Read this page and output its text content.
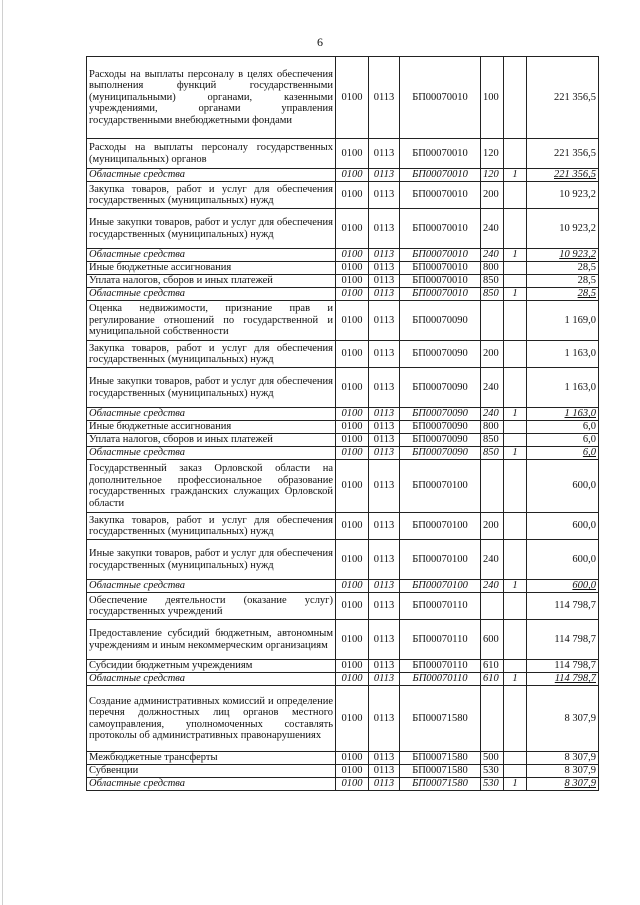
6
Расходы на выплаты персоналу в целях обеспечения выполнения функций государственными (муниципальными) органами, казенными учреждениями, органами управления государственными внебюджетными фондами	0100	0113	БП00070010	100		221 356,5
Расходы на выплаты персоналу государственных (муниципальных) органов	0100	0113	БП00070010	120		221 356,5
Областные средства	0100	0113	БП00070010	120	1	221 356,5
Закупка товаров, работ и услуг для обеспечения государственных (муниципальных) нужд	0100	0113	БП00070010	200		10 923,2
Иные закупки товаров, работ и услуг для обеспечения государственных (муниципальных) нужд	0100	0113	БП00070010	240		10 923,2
Областные средства	0100	0113	БП00070010	240	1	10 923,2
Иные бюджетные ассигнования	0100	0113	БП00070010	800		28,5
Уплата налогов, сборов и иных платежей	0100	0113	БП00070010	850		28,5
Областные средства	0100	0113	БП00070010	850	1	28,5
Оценка недвижимости, признание прав и регулирование отношений по государственной и муниципальной собственности	0100	0113	БП00070090			1 169,0
Закупка товаров, работ и услуг для обеспечения государственных (муниципальных) нужд	0100	0113	БП00070090	200		1 163,0
Иные закупки товаров, работ и услуг для обеспечения государственных (муниципальных) нужд	0100	0113	БП00070090	240		1 163,0
Областные средства	0100	0113	БП00070090	240	1	1 163,0
Иные бюджетные ассигнования	0100	0113	БП00070090	800		6,0
Уплата налогов, сборов и иных платежей	0100	0113	БП00070090	850		6,0
Областные средства	0100	0113	БП00070090	850	1	6,0
Государственный заказ Орловской области на дополнительное профессиональное образование государственных гражданских служащих Орловской области	0100	0113	БП00070100			600,0
Закупка товаров, работ и услуг для обеспечения государственных (муниципальных) нужд	0100	0113	БП00070100	200		600,0
Иные закупки товаров, работ и услуг для обеспечения государственных (муниципальных) нужд	0100	0113	БП00070100	240		600,0
Областные средства	0100	0113	БП00070100	240	1	600,0
Обеспечение деятельности (оказание услуг) государственных учреждений	0100	0113	БП00070110			114 798,7
Предоставление субсидий бюджетным, автономным учреждениям и иным некоммерческим организациям	0100	0113	БП00070110	600		114 798,7
Субсидии бюджетным учреждениям	0100	0113	БП00070110	610		114 798,7
Областные средства	0100	0113	БП00070110	610	1	114 798,7
Создание административных комиссий и определение перечня должностных лиц органов местного самоуправления, уполномоченных составлять протоколы об административных правонарушениях	0100	0113	БП00071580			8 307,9
Межбюджетные трансферты	0100	0113	БП00071580	500		8 307,9
Субвенции	0100	0113	БП00071580	530		8 307,9
Областные средства	0100	0113	БП00071580	530	1	8 307,9
